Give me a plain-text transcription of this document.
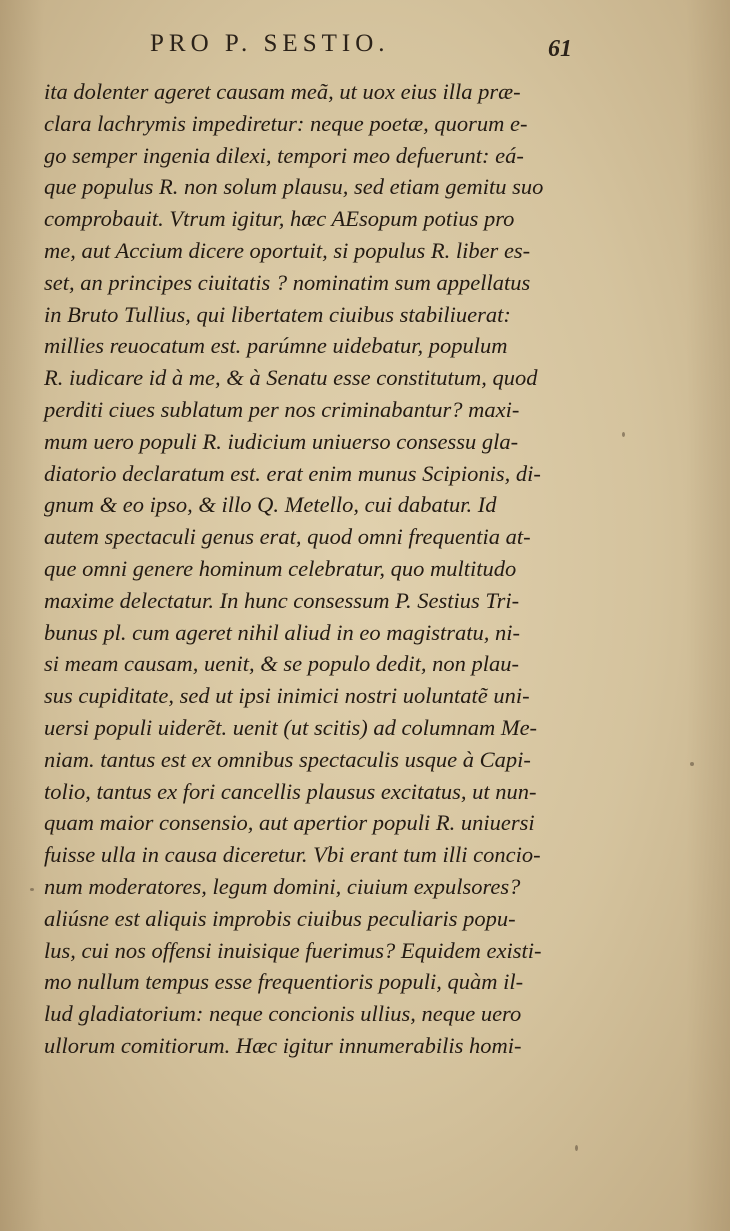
PRO P. SESTIO.	61
ita dolenter ageret causam meã, ut uox eius illa præ-
clara lachrymis impediretur: neque poetæ, quorum e-
go semper ingenia dilexi, tempori meo defuerunt: eá-
que populus R. non solum plausu, sed etiam gemitu suo
comprobauit. Vtrum igitur, hæc AEsopum potius pro
me, aut Accium dicere oportuit, si populus R. liber es-
set, an principes ciuitatis ? nominatim sum appellatus
in Bruto Tullius, qui libertatem ciuibus stabiliuerat:
millies reuocatum est. parúmne uidebatur, populum
R. iudicare id à me, & à Senatu esse constitutum, quod
perditi ciues sublatum per nos criminabantur? maxi-
mum uero populi R. iudicium uniuerso consessu gla-
diatorio declaratum est. erat enim munus Scipionis, di-
gnum & eo ipso, & illo Q. Metello, cui dabatur. Id
autem spectaculi genus erat, quod omni frequentia at-
que omni genere hominum celebratur, quo multitudo
maxime delectatur. In hunc consessum P. Sestius Tri-
bunus pl. cum ageret nihil aliud in eo magistratu, ni-
si meam causam, uenit, & se populo dedit, non plau-
sus cupiditate, sed ut ipsi inimici nostri uoluntatẽ uni-
uersi populi uiderẽt. uenit (ut scitis) ad columnam Me-
niam. tantus est ex omnibus spectaculis usque à Capi-
tolio, tantus ex fori cancellis plausus excitatus, ut nun-
quam maior consensio, aut apertior populi R. uniuersi
fuisse ulla in causa diceretur. Vbi erant tum illi concio-
num moderatores, legum domini, ciuium expulsores?
aliúsne est aliquis improbis ciuibus peculiaris popu-
lus, cui nos offensi inuisique fuerimus? Equidem existi-
mo nullum tempus esse frequentioris populi, quàm il-
lud gladiatorium: neque concionis ullius, neque uero
ullorum comitiorum. Hæc igitur innumerabilis homi-
